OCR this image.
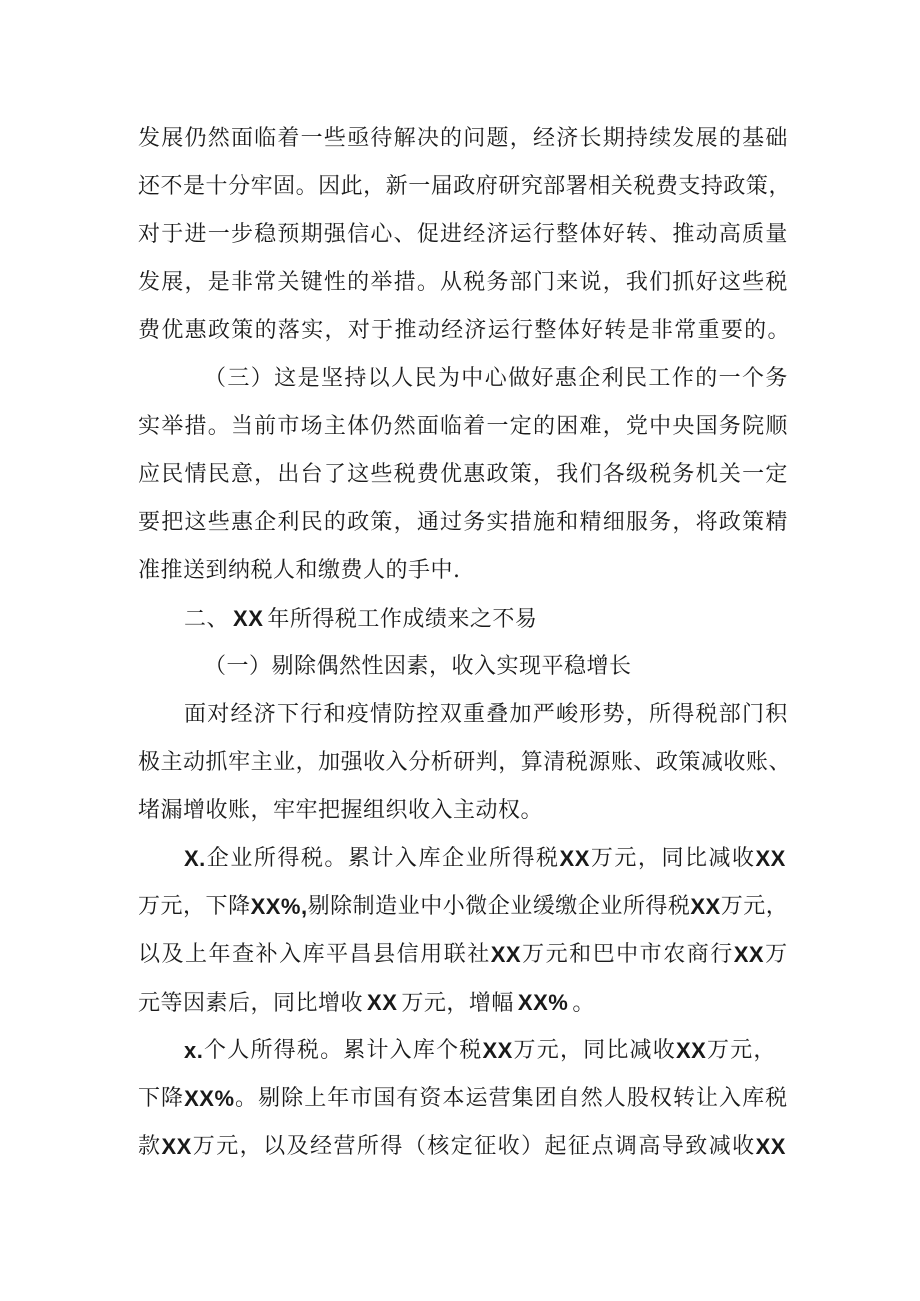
发 展 仍 然 面 临 着 一 些 亟 待 解 决 的 问 题 ， 经 济 长 期 持 续 发 展 的 基 础
还 不 是 十 分 牢 固 。 因 此 ， 新 一 届 政 府 研 究 部 署 相 关 税 费 支 持 政 策 ，
对 于 进 一 步 稳 预 期 强 信 心 、 促 进 经 济 运 行 整 体 好 转 、 推 动 高 质 量
发 展 ， 是 非 常 关 键 性 的 举 措 。 从 税 务 部 门 来 说 ， 我 们 抓 好 这 些 税
费 优 惠 政 策 的 落 实 ， 对 于 推 动 经 济 运 行 整 体 好 转 是 非 常 重 要 的 。
（ 三 ） 这 是 坚 持 以 人 民 为 中 心 做 好 惠 企 利 民 工 作 的 一 个 务
实 举 措 。 当 前 市 场 主 体 仍 然 面 临 着 一 定 的 困 难 ， 党 中 央 国 务 院 顺
应 民 情 民 意 ， 出 台 了 这 些 税 费 优 惠 政 策 ， 我 们 各 级 税 务 机 关 一 定
要 把 这 些 惠 企 利 民 的 政 策 ， 通 过 务 实 措 施 和 精 细 服 务 ， 将 政 策 精
准推送到纳税人和缴费人的手中.
二、 XX 年所得税工作成绩来之不易
（一）剔除偶然性因素，收入实现平稳增长
面 对 经 济 下 行 和 疫 情 防 控 双 重 叠 加 严 峻 形 势 ， 所 得 税 部 门 积
极 主 动 抓 牢 主 业 ， 加 强 收 入 分 析 研 判 ， 算 清 税 源 账 、 政 策 减 收 账 、
堵漏增收账，牢牢把握组织收入主动权。
X. 企 业 所 得 税 。 累 计 入 库 企 业 所 得 税 XX 万 元 ， 同 比 减 收 XX
万 元 ， 下 降 XX%, 剔 除 制 造 业 中 小 微 企 业 缓 缴 企 业 所 得 税 XX 万 元 ，
以 及 上 年 查 补 入 库 平 昌 县 信 用 联 社 XX 万 元 和 巴 中 市 农 商 行 XX 万
元等因素后，同比增收 XX 万元，增幅 XX% 。
x. 个 人 所 得 税 。 累 计 入 库 个 税 XX 万 元 ， 同 比 减 收 XX 万 元 ，
下 降 XX% 。 剔 除 上 年 市 国 有 资 本 运 营 集 团 自 然 人 股 权 转 让 入 库 税
款 XX 万 元 ， 以 及 经 营 所 得 （ 核 定 征 收 ） 起 征 点 调 高 导 致 减 收 XX
